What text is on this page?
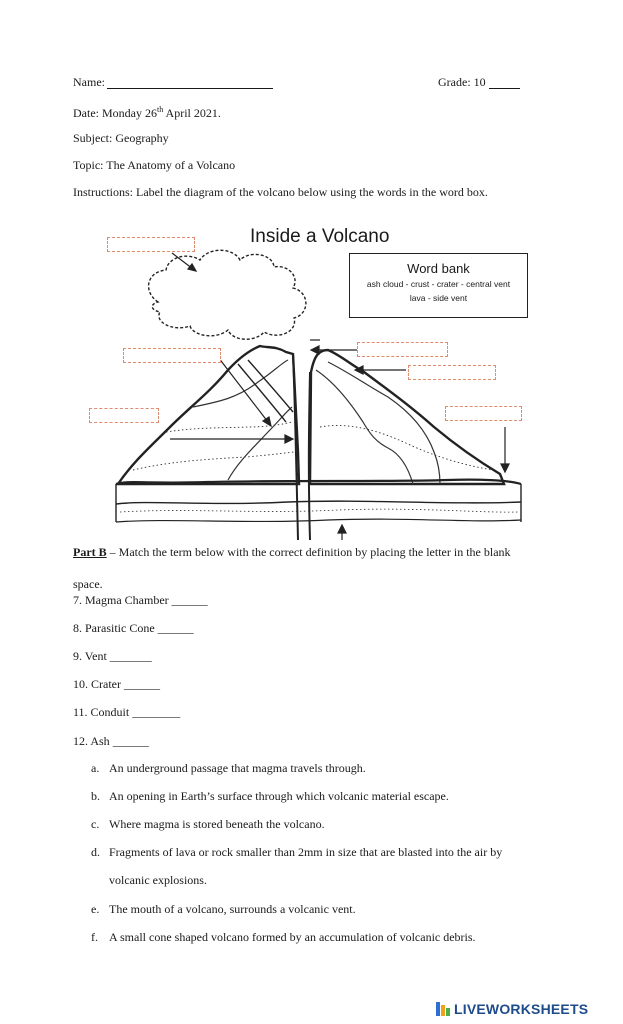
Name:	Grade: 10
Date: Monday 26th April 2021.
Subject: Geography
Topic: The Anatomy of a Volcano
Instructions: Label the diagram of the volcano below using the words in the word box.
Inside a Volcano
Word bank
ash cloud - crust - crater - central vent
lava - side vent
Part B – Match the term below with the correct definition by placing the letter in the blank space.
7. Magma Chamber ______
8. Parasitic Cone ______
9. Vent _______
10. Crater ______
11. Conduit ________
12. Ash ______
a. An underground passage that magma travels through.
b. An opening in Earth’s surface through which volcanic material escape.
c. Where magma is stored beneath the volcano.
d. Fragments of lava or rock smaller than 2mm in size that are blasted into the air by
volcanic explosions.
e. The mouth of a volcano, surrounds a volcanic vent.
f. A small cone shaped volcano formed by an accumulation of volcanic debris.
LIVEWORKSHEETS
